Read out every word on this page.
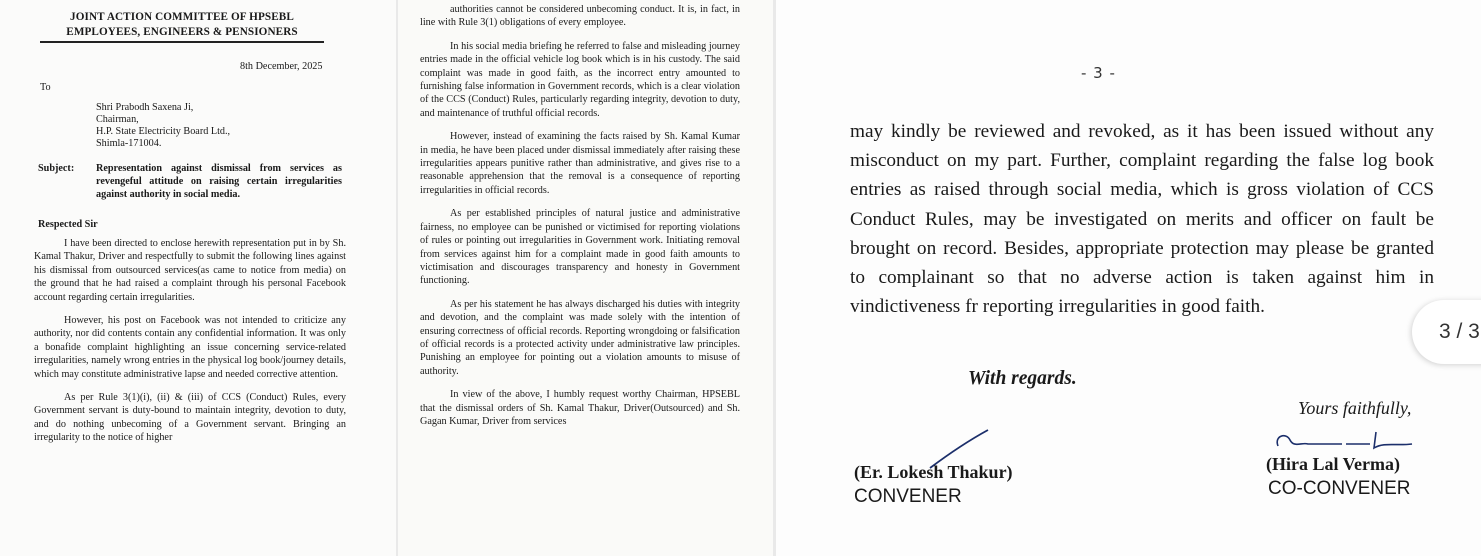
JOINT ACTION COMMITTEE OF HPSEBL
EMPLOYEES, ENGINEERS & PENSIONERS
8th December, 2025
To
Shri Prabodh Saxena Ji,
Chairman,
H.P. State Electricity Board Ltd.,
Shimla-171004.
Subject: Representation against dismissal from services as revengeful attitude on raising certain irregularities against authority in social media.
Respected Sir

I have been directed to enclose herewith representation put in by Sh. Kamal Thakur, Driver and respectfully to submit the following lines against his dismissal from outsourced services(as came to notice from media) on the ground that he had raised a complaint through his personal Facebook account regarding certain irregularities.

However, his post on Facebook was not intended to criticize any authority, nor did contents contain any confidential information. It was only a bonafide complaint highlighting an issue concerning service-related irregularities, namely wrong entries in the physical log book/journey details, which may constitute administrative lapse and needed corrective attention.

As per Rule 3(1)(i), (ii) & (iii) of CCS (Conduct) Rules, every Government servant is duty-bound to maintain integrity, devotion to duty, and do nothing unbecoming of a Government servant. Bringing an irregularity to the notice of higher

authorities cannot be considered unbecoming conduct. It is, in fact, in line with Rule 3(1) obligations of every employee.

In his social media briefing he referred to false and misleading journey entries made in the official vehicle log book which is in his custody. The said complaint was made in good faith, as the incorrect entry amounted to furnishing false information in Government records, which is a clear violation of the CCS (Conduct) Rules, particularly regarding integrity, devotion to duty, and maintenance of truthful official records.

However, instead of examining the facts raised by Sh. Kamal Kumar in media, he have been placed under dismissal immediately after raising these irregularities appears punitive rather than administrative, and gives rise to a reasonable apprehension that the removal is a consequence of reporting irregularities in official records.

As per established principles of natural justice and administrative fairness, no employee can be punished or victimised for reporting violations of rules or pointing out irregularities in Government work. Initiating removal from services against him for a complaint made in good faith amounts to victimisation and discourages transparency and honesty in Government functioning.

As per his statement he has always discharged his duties with integrity and devotion, and the complaint was made solely with the intention of ensuring correctness of official records. Reporting wrongdoing or falsification of official records is a protected activity under administrative law principles. Punishing an employee for pointing out a violation amounts to misuse of authority.

In view of the above, I humbly request worthy Chairman, HPSEBL that the dismissal orders of Sh. Kamal Thakur, Driver(Outsourced) and Sh. Gagan Kumar, Driver from services

- 3 -
may kindly be reviewed and revoked, as it has been issued without any misconduct on my part. Further, complaint regarding the false log book entries as raised through social media, which is gross violation of CCS Conduct Rules, may be investigated on merits and officer on fault be brought on record. Besides, appropriate protection may please be granted to complainant so that no adverse action is taken against him in vindictiveness fr reporting irregularities in good faith.
With regards.
Yours faithfully,
(Er. Lokesh Thakur)
CONVENER
(Hira Lal Verma)
CO-CONVENER
3 / 3
